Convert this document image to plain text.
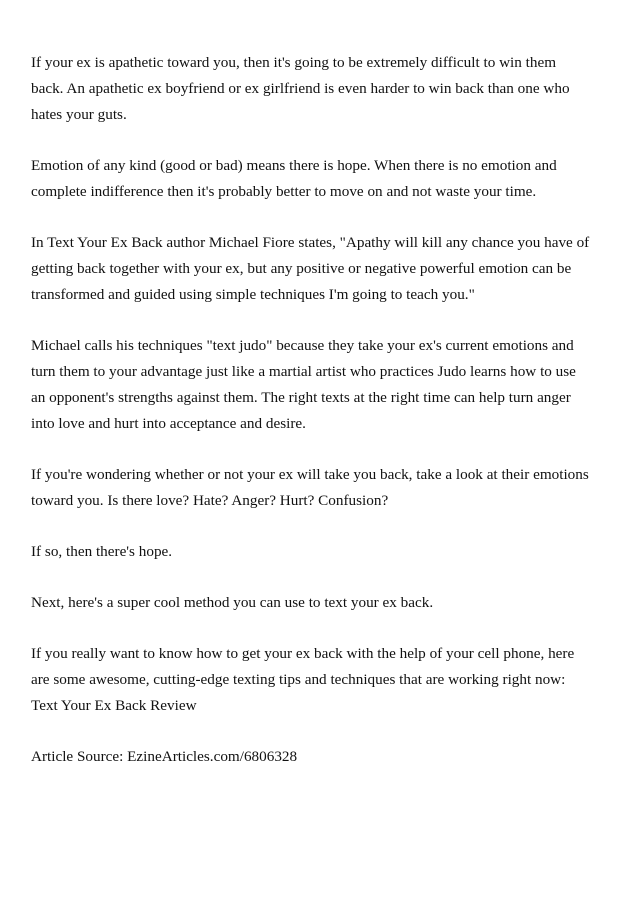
If your ex is apathetic toward you, then it's going to be extremely difficult to win them back. An apathetic ex boyfriend or ex girlfriend is even harder to win back than one who hates your guts.

Emotion of any kind (good or bad) means there is hope. When there is no emotion and complete indifference then it's probably better to move on and not waste your time.

In Text Your Ex Back author Michael Fiore states, "Apathy will kill any chance you have of getting back together with your ex, but any positive or negative powerful emotion can be transformed and guided using simple techniques I'm going to teach you."

Michael calls his techniques "text judo" because they take your ex's current emotions and turn them to your advantage just like a martial artist who practices Judo learns how to use an opponent's strengths against them. The right texts at the right time can help turn anger into love and hurt into acceptance and desire.

If you're wondering whether or not your ex will take you back, take a look at their emotions toward you. Is there love? Hate? Anger? Hurt? Confusion?

If so, then there's hope.

Next, here's a super cool method you can use to text your ex back.

If you really want to know how to get your ex back with the help of your cell phone, here are some awesome, cutting-edge texting tips and techniques that are working right now: Text Your Ex Back Review

Article Source: EzineArticles.com/6806328
